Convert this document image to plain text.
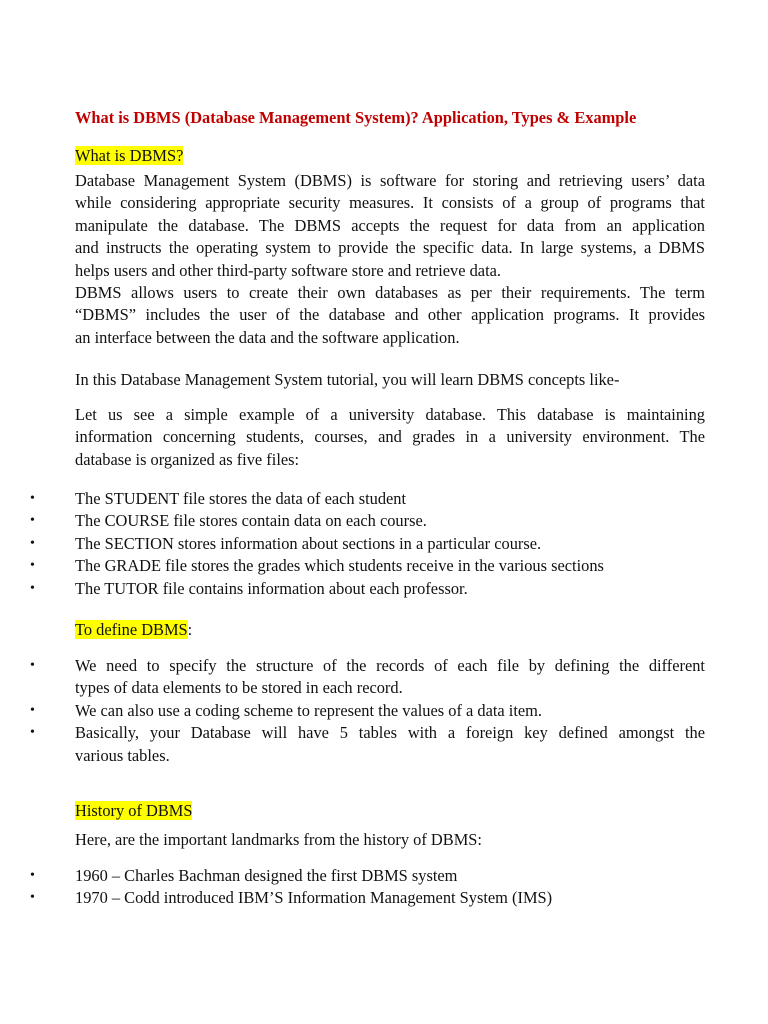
What is DBMS (Database Management System)? Application, Types & Example
What is DBMS?
Database Management System (DBMS) is software for storing and retrieving users’ data
while considering appropriate security measures. It consists of a group of programs that
manipulate the database. The DBMS accepts the request for data from an application
and instructs the operating system to provide the specific data. In large systems, a DBMS
helps users and other third-party software store and retrieve data.
DBMS allows users to create their own databases as per their requirements. The term
“DBMS” includes the user of the database and other application programs. It provides
an interface between the data and the software application.
In this Database Management System tutorial, you will learn DBMS concepts like-
Let us see a simple example of a university database. This database is maintaining
information concerning students, courses, and grades in a university environment. The
database is organized as five files:
• The STUDENT file stores the data of each student
• The COURSE file stores contain data on each course.
• The SECTION stores information about sections in a particular course.
• The GRADE file stores the grades which students receive in the various sections
• The TUTOR file contains information about each professor.
To define DBMS:
• We need to specify the structure of the records of each file by defining the different
types of data elements to be stored in each record.
• We can also use a coding scheme to represent the values of a data item.
• Basically, your Database will have 5 tables with a foreign key defined amongst the
various tables.
History of DBMS
Here, are the important landmarks from the history of DBMS:
• 1960 – Charles Bachman designed the first DBMS system
• 1970 – Codd introduced IBM’S Information Management System (IMS)
